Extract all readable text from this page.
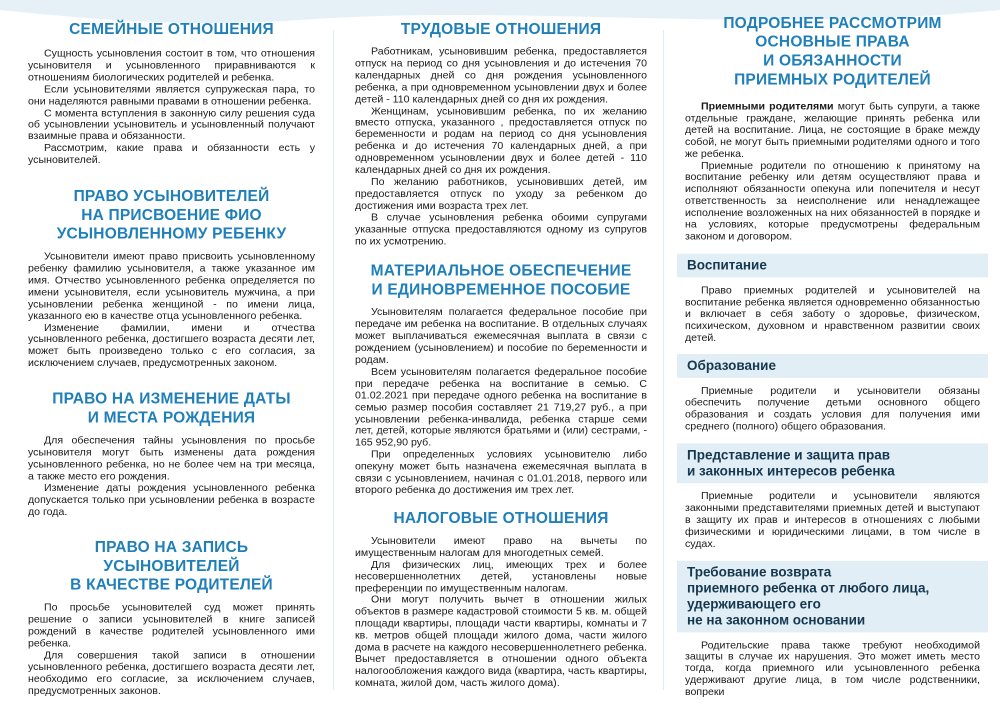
СЕМЕЙНЫЕ ОТНОШЕНИЯ

Сущность усыновления состоит в том, что отношения усыновителя и усыновленного приравниваются к отношениям биологических родителей и ребенка.

Если усыновителями является супружеская пара, то они наделяются равными правами в отношении ребенка.

С момента вступления в законную силу решения суда об усыновлении усыновитель и усыновленный получают взаимные права и обязанности.

Рассмотрим, какие права и обязанности есть у усыновителей.

ПРАВО УСЫНОВИТЕЛЕЙ
НА ПРИСВОЕНИЕ ФИО
УСЫНОВЛЕННОМУ РЕБЕНКУ

Усыновители имеют право присвоить усыновленному ребенку фамилию усыновителя, а также указанное им имя. Отчество усыновленного ребенка определяется по имени усыновителя, если усыновитель мужчина, а при усыновлении ребенка женщиной - по имени лица, указанного ею в качестве отца усыновленного ребенка.

Изменение фамилии, имени и отчества усыновленного ребенка, достигшего возраста десяти лет, может быть произведено только с его согласия, за исключением случаев, предусмотренных законом.

ПРАВО НА ИЗМЕНЕНИЕ ДАТЫ
И МЕСТА РОЖДЕНИЯ

Для обеспечения тайны усыновления по просьбе усыновителя могут быть изменены дата рождения усыновленного ребенка, но не более чем на три месяца, а также место его рождения.

Изменение даты рождения усыновленного ребенка допускается только при усыновлении ребенка в возрасте до года.

ПРАВО НА ЗАПИСЬ УСЫНОВИТЕЛЕЙ
В КАЧЕСТВЕ РОДИТЕЛЕЙ

По просьбе усыновителей суд может принять решение о записи усыновителей в книге записей рождений в качестве родителей усыновленного ими ребенка.

Для совершения такой записи в отношении усыновленного ребенка, достигшего возраста десяти лет, необходимо его согласие, за исключением случаев, предусмотренных законов.

ТРУДОВЫЕ ОТНОШЕНИЯ

Работникам, усыновившим ребенка, предоставляется отпуск на период со дня усыновления и до истечения 70 календарных дней со дня рождения усыновленного ребенка, а при одновременном усыновлении двух и более детей - 110 календарных дней со дня их рождения.

Женщинам, усыновившим ребенка, по их желанию вместо отпуска, указанного , предоставляется отпуск по беременности и родам на период со дня усыновления ребенка и до истечения 70 календарных дней, а при одновременном усыновлении двух и более детей - 110 календарных дней со дня их рождения.

По желанию работников, усыновивших детей, им предоставляется отпуск по уходу за ребенком до достижения ими возраста трех лет.

В случае усыновления ребенка обоими супругами указанные отпуска предоставляются одному из супругов по их усмотрению.

МАТЕРИАЛЬНОЕ ОБЕСПЕЧЕНИЕ
И ЕДИНОВРЕМЕННОЕ ПОСОБИЕ

Усыновителям полагается федеральное пособие при передаче им ребенка на воспитание. В отдельных случаях может выплачиваться ежемесячная выплата в связи с рождением (усыновлением) и пособие по беременности и родам.

Всем усыновителям полагается федеральное пособие при передаче ребенка на воспитание в семью. С 01.02.2021 при передаче одного ребенка на воспитание в семью размер пособия составляет 21 719,27 руб., а при усыновлении ребенка-инвалида, ребенка старше семи лет, детей, которые являются братьями и (или) сестрами, - 165 952,90 руб.

При определенных условиях усыновителю либо опекуну может быть назначена ежемесячная выплата в связи с усыновлением, начиная с 01.01.2018, первого или второго ребенка до достижения им трех лет.

НАЛОГОВЫЕ ОТНОШЕНИЯ

Усыновители имеют право на вычеты по имущественным налогам для многодетных семей.

Для физических лиц, имеющих трех и более несовершеннолетних детей, установлены новые преференции по имущественным налогам.

Они могут получить вычет в отношении жилых объектов в размере кадастровой стоимости 5 кв. м. общей площади квартиры, площади части квартиры, комнаты и 7 кв. метров общей площади жилого дома, части жилого дома в расчете на каждого несовершеннолетнего ребенка. Вычет предоставляется в отношении одного объекта налогообложения каждого вида (квартира, часть квартиры, комната, жилой дом, часть жилого дома).

ПОДРОБНЕЕ РАССМОТРИМ
ОСНОВНЫЕ ПРАВА
И ОБЯЗАННОСТИ
ПРИЕМНЫХ РОДИТЕЛЕЙ

Приемными родителями могут быть супруги, а также отдельные граждане, желающие принять ребенка или детей на воспитание. Лица, не состоящие в браке между собой, не могут быть приемными родителями одного и того же ребенка.

Приемные родители по отношению к принятому на воспитание ребенку или детям осуществляют права и исполняют обязанности опекуна или попечителя и несут ответственность за неисполнение или ненадлежащее исполнение возложенных на них обязанностей в порядке и на условиях, которые предусмотрены федеральным законом и договором.

Воспитание

Право приемных родителей и усыновителей на воспитание ребенка является одновременно обязанностью и включает в себя заботу о здоровье, физическом, психическом, духовном и нравственном развитии своих детей.

Образование

Приемные родители и усыновители обязаны обеспечить получение детьми основного общего образования и создать условия для получения ими среднего (полного) общего образования.

Представление и защита прав
и законных интересов ребенка

Приемные родители и усыновители являются законными представителями приемных детей и выступают в защиту их прав и интересов в отношениях с любыми физическими и юридическими лицами, в том числе в судах.

Требование возврата
приемного ребенка от любого лица,
удерживающего его
не на законном основании

Родительские права также требуют необходимой защиты в случае их нарушения. Это может иметь место тогда, когда приемного или усыновленного ребенка удерживают другие лица, в том числе родственники, вопреки
